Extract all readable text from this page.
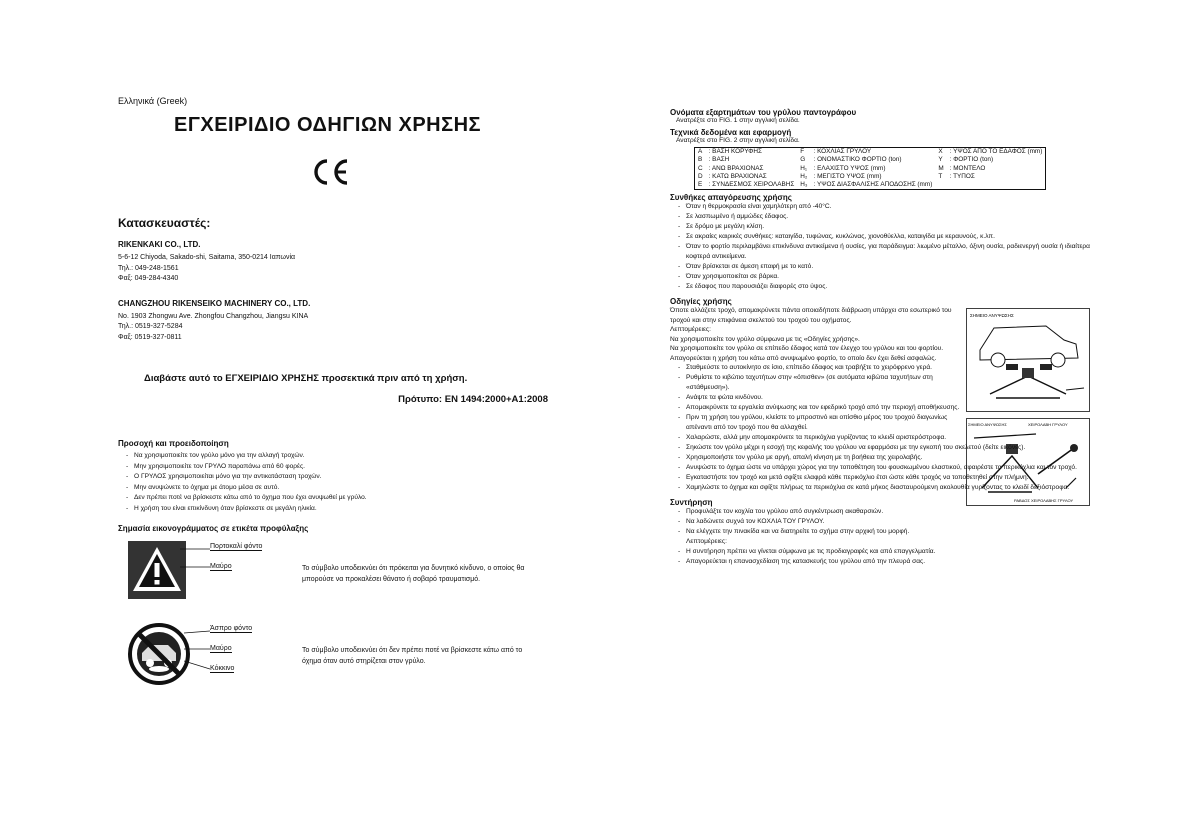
Ελληνικά (Greek)
ΕΓΧΕΙΡΙΔΙΟ ΟΔΗΓΙΩΝ ΧΡΗΣΗΣ
Κατασκευαστές:
RIKENKAKI CO., LTD.
5-6-12 Chiyoda, Sakado-shi, Saitama, 350-0214 Ιαπωνία
Τηλ.: 049-248-1561
Φαξ: 049-284-4340
CHANGZHOU RIKENSEIKO MACHINERY CO., LTD.
No. 1903 Zhongwu Ave. Zhongfou Changzhou, Jiangsu ΚΙΝΑ
Τηλ.: 0519-327-5284
Φαξ: 0519-327-0811
Διαβάστε αυτό το ΕΓΧΕΙΡΙΔΙΟ ΧΡΗΣΗΣ προσεκτικά πριν από τη χρήση.
Πρότυπο: EN 1494:2000+A1:2008
Προσοχή και προειδοποίηση
- Να χρησιμοποιείτε τον γρύλο μόνο για την αλλαγή τροχών.
- Μην χρησιμοποιείτε τον ΓΡΥΛΟ παραπάνω από 60 φορές.
- Ο ΓΡΥΛΟΣ χρησιμοποιείται μόνο για την αντικατάσταση τροχών.
- Μην ανυψώνετε το όχημα με άτομο μέσα σε αυτό.
- Δεν πρέπει ποτέ να βρίσκεστε κάτω από το όχημα που έχει ανυψωθεί με γρύλο.
- Η χρήση του είναι επικίνδυνη όταν βρίσκεστε σε μεγάλη ηλικία.
Σημασία εικονογράμματος σε ετικέτα προφύλαξης
Πορτοκαλί φόντο
Μαύρο	Το σύμβολο υποδεικνύει ότι πρόκειται για δυνητικό κίνδυνο, ο οποίος θα μπορούσε να προκαλέσει θάνατο ή σοβαρό τραυματισμό.
Άσπρο φόντο
Μαύρο
Κόκκινο
Το σύμβολο υποδεικνύει ότι δεν πρέπει ποτέ να βρίσκεστε κάτω από το όχημα όταν αυτό στηρίζεται στον γρύλο.
Ονόματα εξαρτημάτων του γρύλου παντογράφου
Ανατρέξτε στο FIG. 1 στην αγγλική σελίδα.
Τεχνικά δεδομένα και εφαρμογή
Ανατρέξτε στο FIG. 2 στην αγγλική σελίδα.
A	: ΒΑΣΗ ΚΟΡΥΦΗΣ	F	: ΚΟΧΛΙΑΣ ΓΡΥΛΟΥ	X	: ΥΨΟΣ ΑΠΟ ΤΟ ΕΔΑΦΟΣ (mm)
B	: ΒΑΣΗ	G	: ΟΝΟΜΑΣΤΙΚΟ ΦΟΡΤΙΟ (ton)	Y	: ΦΟΡΤΙΟ (ton)
C	: ΑΝΩ ΒΡΑΧΙΟΝΑΣ	H₁	: ΕΛΑΧΙΣΤΟ ΥΨΟΣ (mm)	M	: ΜΟΝΤΕΛΟ
D	: ΚΑΤΩ ΒΡΑΧΙΟΝΑΣ	H₂	: ΜΕΓΙΣΤΟ ΥΨΟΣ (mm)	T	: ΤΥΠΟΣ
E	: ΣΥΝΔΕΣΜΟΣ ΧΕΙΡΟΛΑΒΗΣ	H₃	: ΥΨΟΣ ΔΙΑΣΦΑΛΙΣΗΣ ΑΠΟΔΟΣΗΣ (mm)		
Συνθήκες απαγόρευσης χρήσης
- Όταν η θερμοκρασία είναι χαμηλότερη από -40°C.
- Σε λασπωμένο ή αμμώδες έδαφος.
- Σε δρόμο με μεγάλη κλίση.
- Σε ακραίες καιρικές συνθήκες: καταιγίδα, τυφώνας, κυκλώνας, χιονοθύελλα, καταιγίδα με κεραυνούς, κ.λπ.
- Όταν το φορτίο περιλαμβάνει επικίνδυνα αντικείμενα ή ουσίες, για παράδειγμα: λιωμένο μέταλλο, όξινη ουσία, ραδιενεργή ουσία ή ιδιαίτερα κοφτερά αντικείμενα.
- Όταν βρίσκεται σε άμεση επαφή με το κατό.
- Όταν χρησιμοποιείται σε βάρκα.
- Σε έδαφος που παρουσιάζει διαφορές στο ύψος.
Οδηγίες χρήσης
ΣΗΜΕΙΟ ΑΝΥΨΩΣΗΣ
ΣΗΜΕΙΟ ΑΝΥΨΩΣΗΣ	ΧΕΙΡΟΛΑΒΗ ΓΡΥΛΟΥ
ΡΑΒΔΟΣ ΧΕΙΡΟΛΑΒΗΣ ΓΡΥΛΟΥ
Όποτε αλλάζετε τροχό, απομακρύνετε πάντα οποιαδήποτε διάβρωση υπάρχει στο εσωτερικό του τροχού και στην επιφάνεια σκελετού του τροχού του οχήματος.
Λεπτομέρειες:
Να χρησιμοποιείτε τον γρύλο σύμφωνα με τις «Οδηγίες χρήσης».
Να χρησιμοποιείτε τον γρύλο σε επίπεδο έδαφος κατά τον έλεγχο του γρύλου και του φορτίου.
Απαγορεύεται η χρήση του κάτω από ανυψωμένο φορτίο, το οποίο δεν έχει δεθεί ασφαλώς.
- Σταθμεύστε το αυτοκίνητο σε ίσιο, επίπεδο έδαφος και τραβήξτε το χειρόφρενο γερά.
- Ρυθμίστε το κιβώτιο ταχυτήτων στην «όπισθεν» (σε αυτόματα κιβώτια ταχυτήτων στη «στάθμευση»).
- Ανάψτε τα φώτα κινδύνου.
- Απομακρύνετε τα εργαλεία ανύψωσης και τον εφεδρικό τροχό από την περιοχή αποθήκευσης.
- Πριν τη χρήση του γρύλου, κλείστε το μπροστινό και οπίσθιο μέρος του τροχού διαγωνίως απέναντι από τον τροχό που θα αλλαχθεί.
- Χαλαρώστε, αλλά μην απομακρύνετε τα περικόχλια γυρίζοντας το κλειδί αριστερόστροφα.
- Σηκώστε τον γρύλο μέχρι η εσοχή της κεφαλής του γρύλου να εφαρμόσει με την εγκοπή του σκελετού (δείτε εικόνες).
- Χρησιμοποιήστε τον γρύλο με αργή, απαλή κίνηση με τη βοήθεια της χειρολαβής.
- Ανυψώστε το όχημα ώστε να υπάρχει χώρος για την τοποθέτηση του φουσκωμένου ελαστικού, αφαιρέστε τα περικόχλια και τον τροχό.
- Εγκαταστήστε τον τροχό και μετά σφίξτε ελαφρά κάθε περικόχλιο έτσι ώστε κάθε τροχός να τοποθετηθεί στην πλήμνη.
- Χαμηλώστε το όχημα και σφίξτε πλήρως τα περικόχλια σε κατά μήκος διασταυρούμενη ακολουθία γυρίζοντας το κλειδί δεξιόστροφα.
Συντήρηση
- Προφυλάξτε τον κοχλία του γρύλου από συγκέντρωση ακαθαρσιών.
- Να λαδώνετε συχνά τον ΚΟΧΛΙΑ ΤΟΥ ΓΡΥΛΟΥ.
- Να ελέγχετε την πινακίδα και να διατηρείτε το σχήμα στην αρχική του μορφή.
Λεπτομέρειες:
- Η συντήρηση πρέπει να γίνεται σύμφωνα με τις προδιαγραφές και από επαγγελματία.
- Απαγορεύεται η επανασχεδίαση της κατασκευής του γρύλου από την πλευρά σας.
